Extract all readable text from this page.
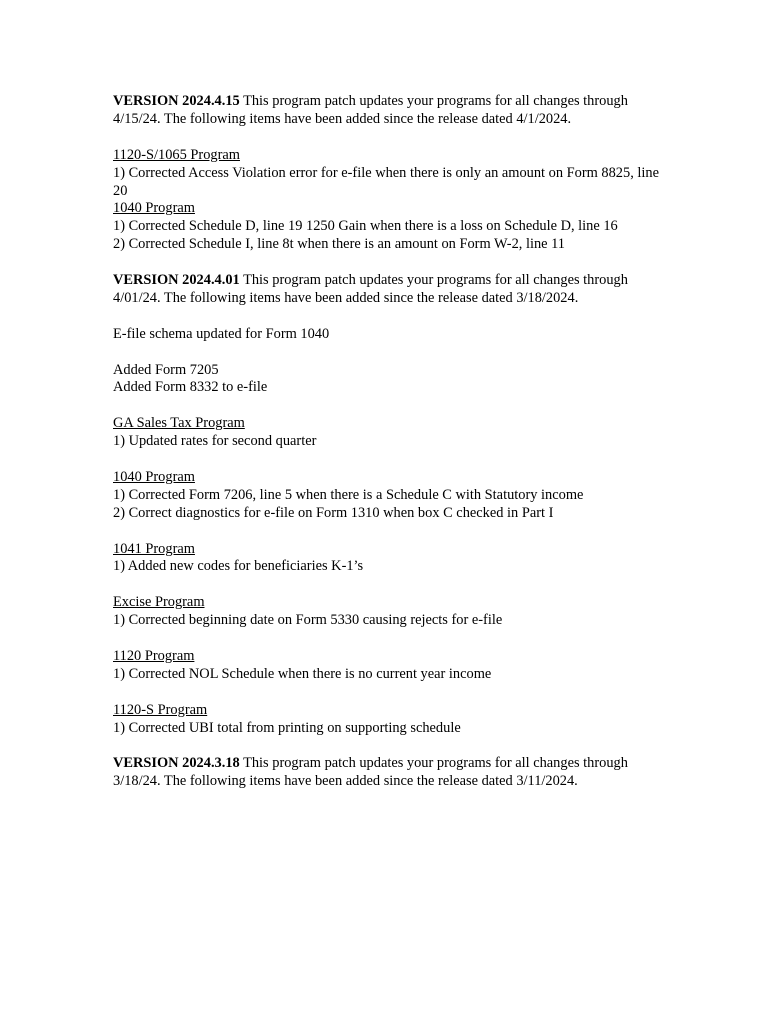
VERSION 2024.4.15 This program patch updates your programs for all changes through 4/15/24. The following items have been added since the release dated 4/1/2024.

1120-S/1065 Program
1) Corrected Access Violation error for e-file when there is only an amount on Form 8825, line 20

1040 Program
1) Corrected Schedule D, line 19 1250 Gain when there is a loss on Schedule D, line 16
2) Corrected Schedule I, line 8t when there is an amount on Form W-2, line 11

VERSION 2024.4.01 This program patch updates your programs for all changes through 4/01/24. The following items have been added since the release dated 3/18/2024.

E-file schema updated for Form 1040

Added Form 7205
Added Form 8332 to e-file

GA Sales Tax Program
1) Updated rates for second quarter

1040 Program
1) Corrected Form 7206, line 5 when there is a Schedule C with Statutory income
2) Correct diagnostics for e-file on Form 1310 when box C checked in Part I

1041 Program
1) Added new codes for beneficiaries K-1’s

Excise Program
1) Corrected beginning date on Form 5330 causing rejects for e-file

1120 Program
1) Corrected NOL Schedule when there is no current year income

1120-S Program
1) Corrected UBI total from printing on supporting schedule

VERSION 2024.3.18 This program patch updates your programs for all changes through 3/18/24. The following items have been added since the release dated 3/11/2024.
